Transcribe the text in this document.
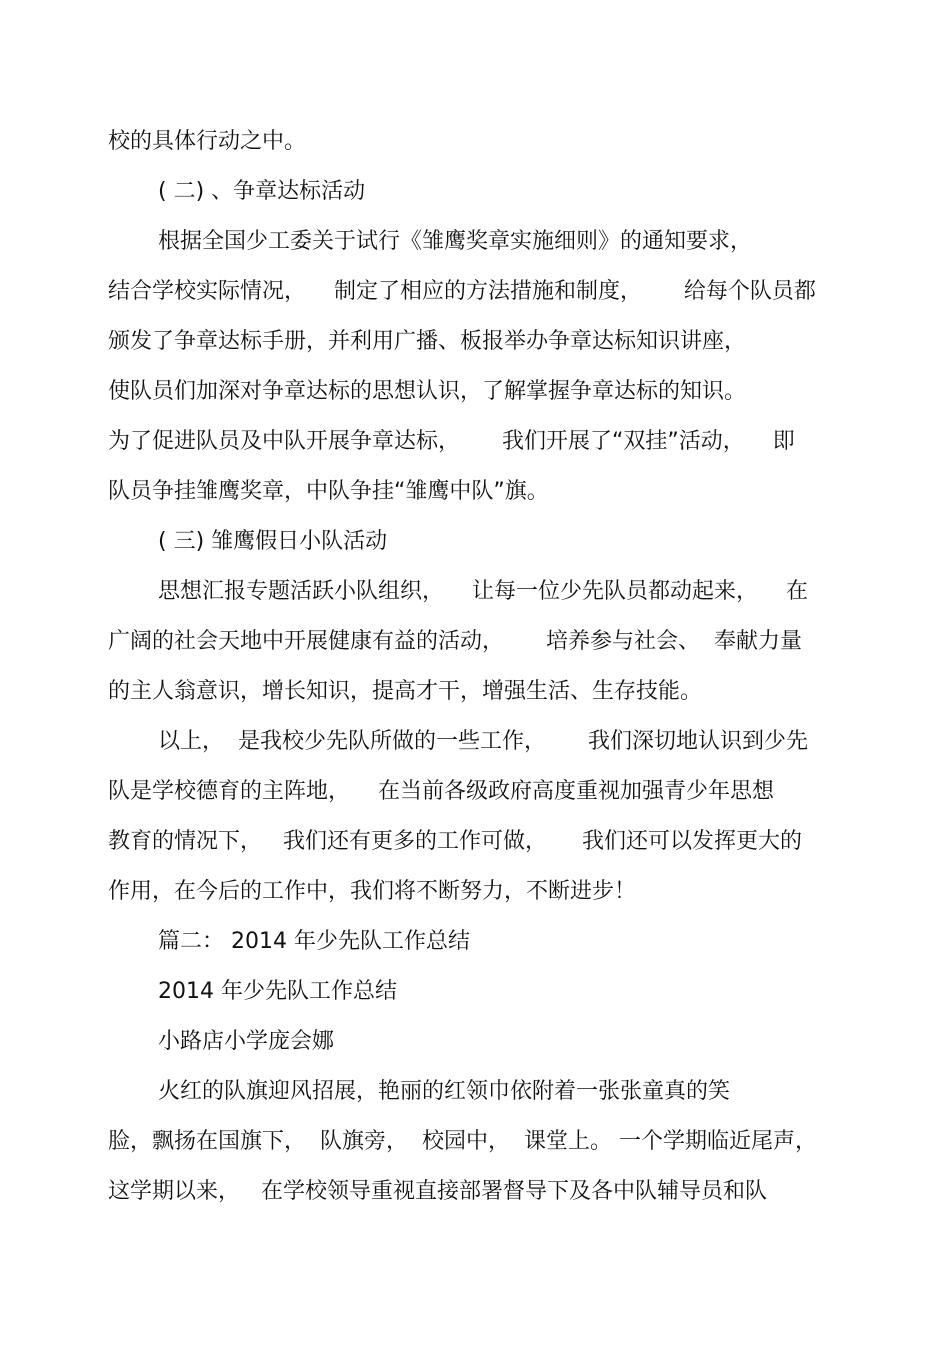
校的具体行动之中。
( 二) 、争章达标活动
根据全国少工委关于试行《雏鹰奖章实施细则》的通知要求，
结合学校实际情况，    制定了相应的方法措施和制度，      给每个队员都
颁发了争章达标手册，并利用广播、板报举办争章达标知识讲座，
使队员们加深对争章达标的思想认识，了解掌握争章达标的知识。
为了促进队员及中队开展争章达标，      我们开展了“双挂”活动，    即
队员争挂雏鹰奖章，中队争挂“雏鹰中队”旗。
( 三) 雏鹰假日小队活动
思想汇报专题活跃小队组织，    让每一位少先队员都动起来，    在
广阔的社会天地中开展健康有益的活动，      培养参与社会、  奉献力量
的主人翁意识，增长知识，提高才干，增强生活、生存技能。
以上，  是我校少先队所做的一些工作，      我们深切地认识到少先
队是学校德育的主阵地，    在当前各级政府高度重视加强青少年思想
教育的情况下，   我们还有更多的工作可做，     我们还可以发挥更大的
作用，在今后的工作中，我们将不断努力，不断进步！
篇二： 2014 年少先队工作总结
2014 年少先队工作总结
小路店小学庞会娜
火红的队旗迎风招展，艳丽的红领巾依附着一张张童真的笑
脸，飘扬在国旗下，  队旗旁，  校园中，  课堂上。 一个学期临近尾声，
这学期以来，   在学校领导重视直接部署督导下及各中队辅导员和队
